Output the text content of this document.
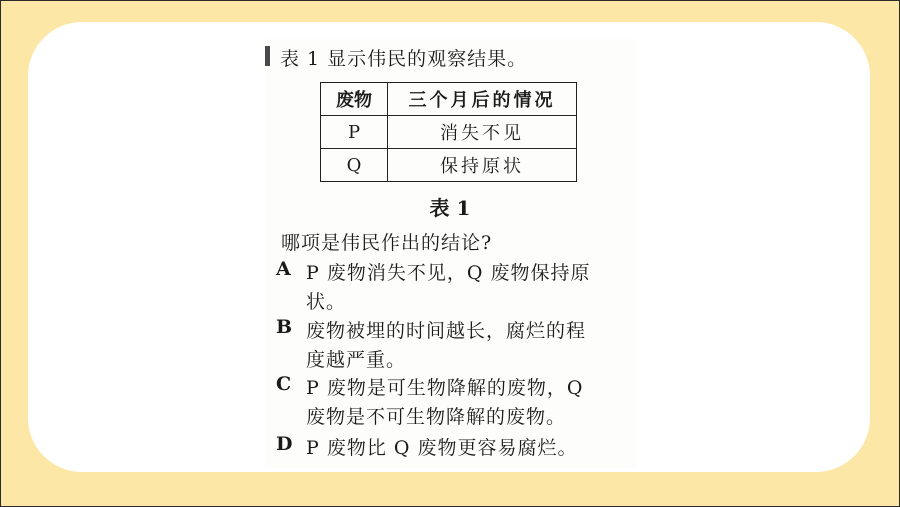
表 1 显示伟民的观察结果。
废物	三个月后的情况
P	消失不见
Q	保持原状
表 1
哪项是伟民作出的结论?
A P 废物消失不见，Q 废物保持原
状。
B 废物被埋的时间越长，腐烂的程
度越严重。
C P 废物是可生物降解的废物，Q
废物是不可生物降解的废物。
D P 废物比 Q 废物更容易腐烂。
